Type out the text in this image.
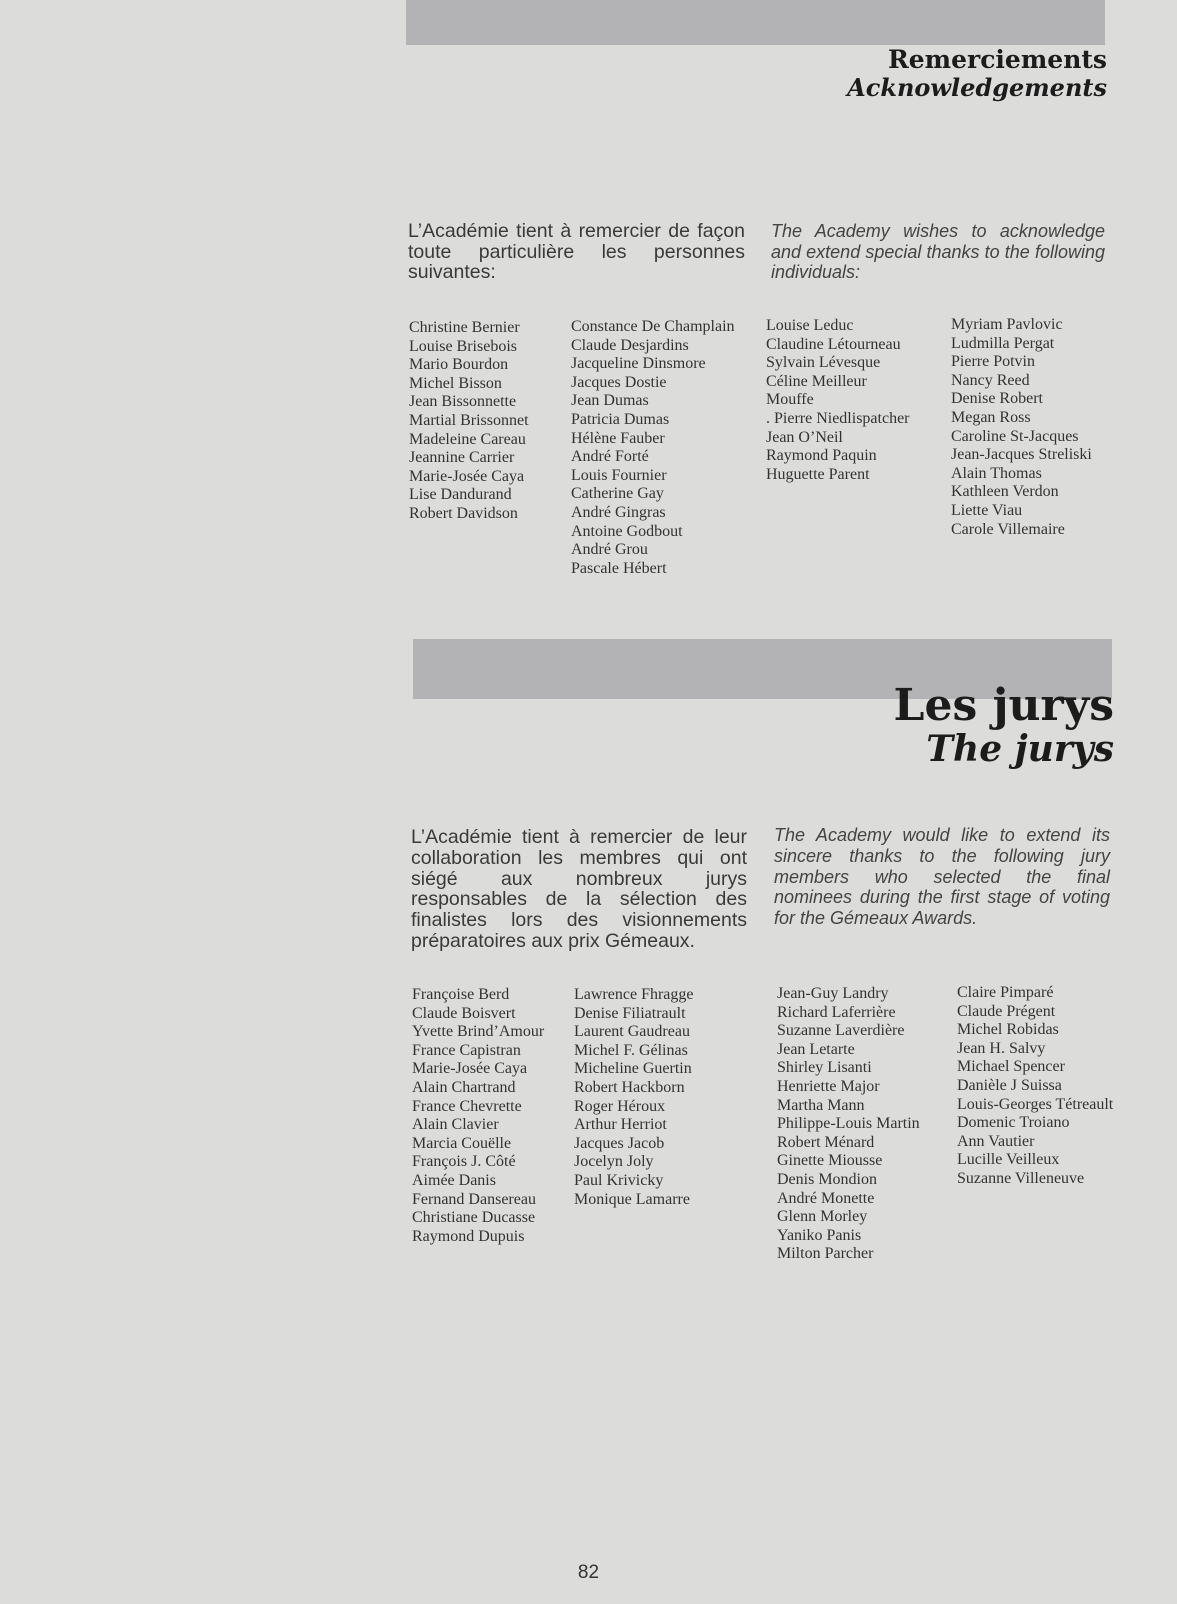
Remerciements
Acknowledgements
L’Académie tient à remercier de façon toute particulière les personnes suivantes:
The Academy wishes to acknowledge and extend special thanks to the following individuals:
Christine Bernier
Louise Brisebois
Mario Bourdon
Michel Bisson
Jean Bissonnette
Martial Brissonnet
Madeleine Careau
Jeannine Carrier
Marie-Josée Caya
Lise Dandurand
Robert Davidson
Constance De Champlain
Claude Desjardins
Jacqueline Dinsmore
Jacques Dostie
Jean Dumas
Patricia Dumas
Hélène Fauber
André Forté
Louis Fournier
Catherine Gay
André Gingras
Antoine Godbout
André Grou
Pascale Hébert
Louise Leduc
Claudine Létourneau
Sylvain Lévesque
Céline Meilleur
Mouffe
. Pierre Niedlispatcher
Jean O’Neil
Raymond Paquin
Huguette Parent
Myriam Pavlovic
Ludmilla Pergat
Pierre Potvin
Nancy Reed
Denise Robert
Megan Ross
Caroline St-Jacques
Jean-Jacques Streliski
Alain Thomas
Kathleen Verdon
Liette Viau
Carole Villemaire
Les jurys
The jurys
L’Académie tient à remercier de leur collaboration les membres qui ont siégé aux nombreux jurys responsables de la sélection des finalistes lors des visionnements préparatoires aux prix Gémeaux.
The Academy would like to extend its sincere thanks to the following jury members who selected the final nominees during the first stage of voting for the Gémeaux Awards.
Françoise Berd
Claude Boisvert
Yvette Brind’Amour
France Capistran
Marie-Josée Caya
Alain Chartrand
France Chevrette
Alain Clavier
Marcia Couëlle
François J. Côté
Aimée Danis
Fernand Dansereau
Christiane Ducasse
Raymond Dupuis
Lawrence Fhragge
Denise Filiatrault
Laurent Gaudreau
Michel F. Gélinas
Micheline Guertin
Robert Hackborn
Roger Héroux
Arthur Herriot
Jacques Jacob
Jocelyn Joly
Paul Krivicky
Monique Lamarre
Jean-Guy Landry
Richard Laferrière
Suzanne Laverdière
Jean Letarte
Shirley Lisanti
Henriette Major
Martha Mann
Philippe-Louis Martin
Robert Ménard
Ginette Miousse
Denis Mondion
André Monette
Glenn Morley
Yaniko Panis
Milton Parcher
Claire Pimparé
Claude Prégent
Michel Robidas
Jean H. Salvy
Michael Spencer
Danièle J Suissa
Louis-Georges Tétreault
Domenic Troiano
Ann Vautier
Lucille Veilleux
Suzanne Villeneuve
82
